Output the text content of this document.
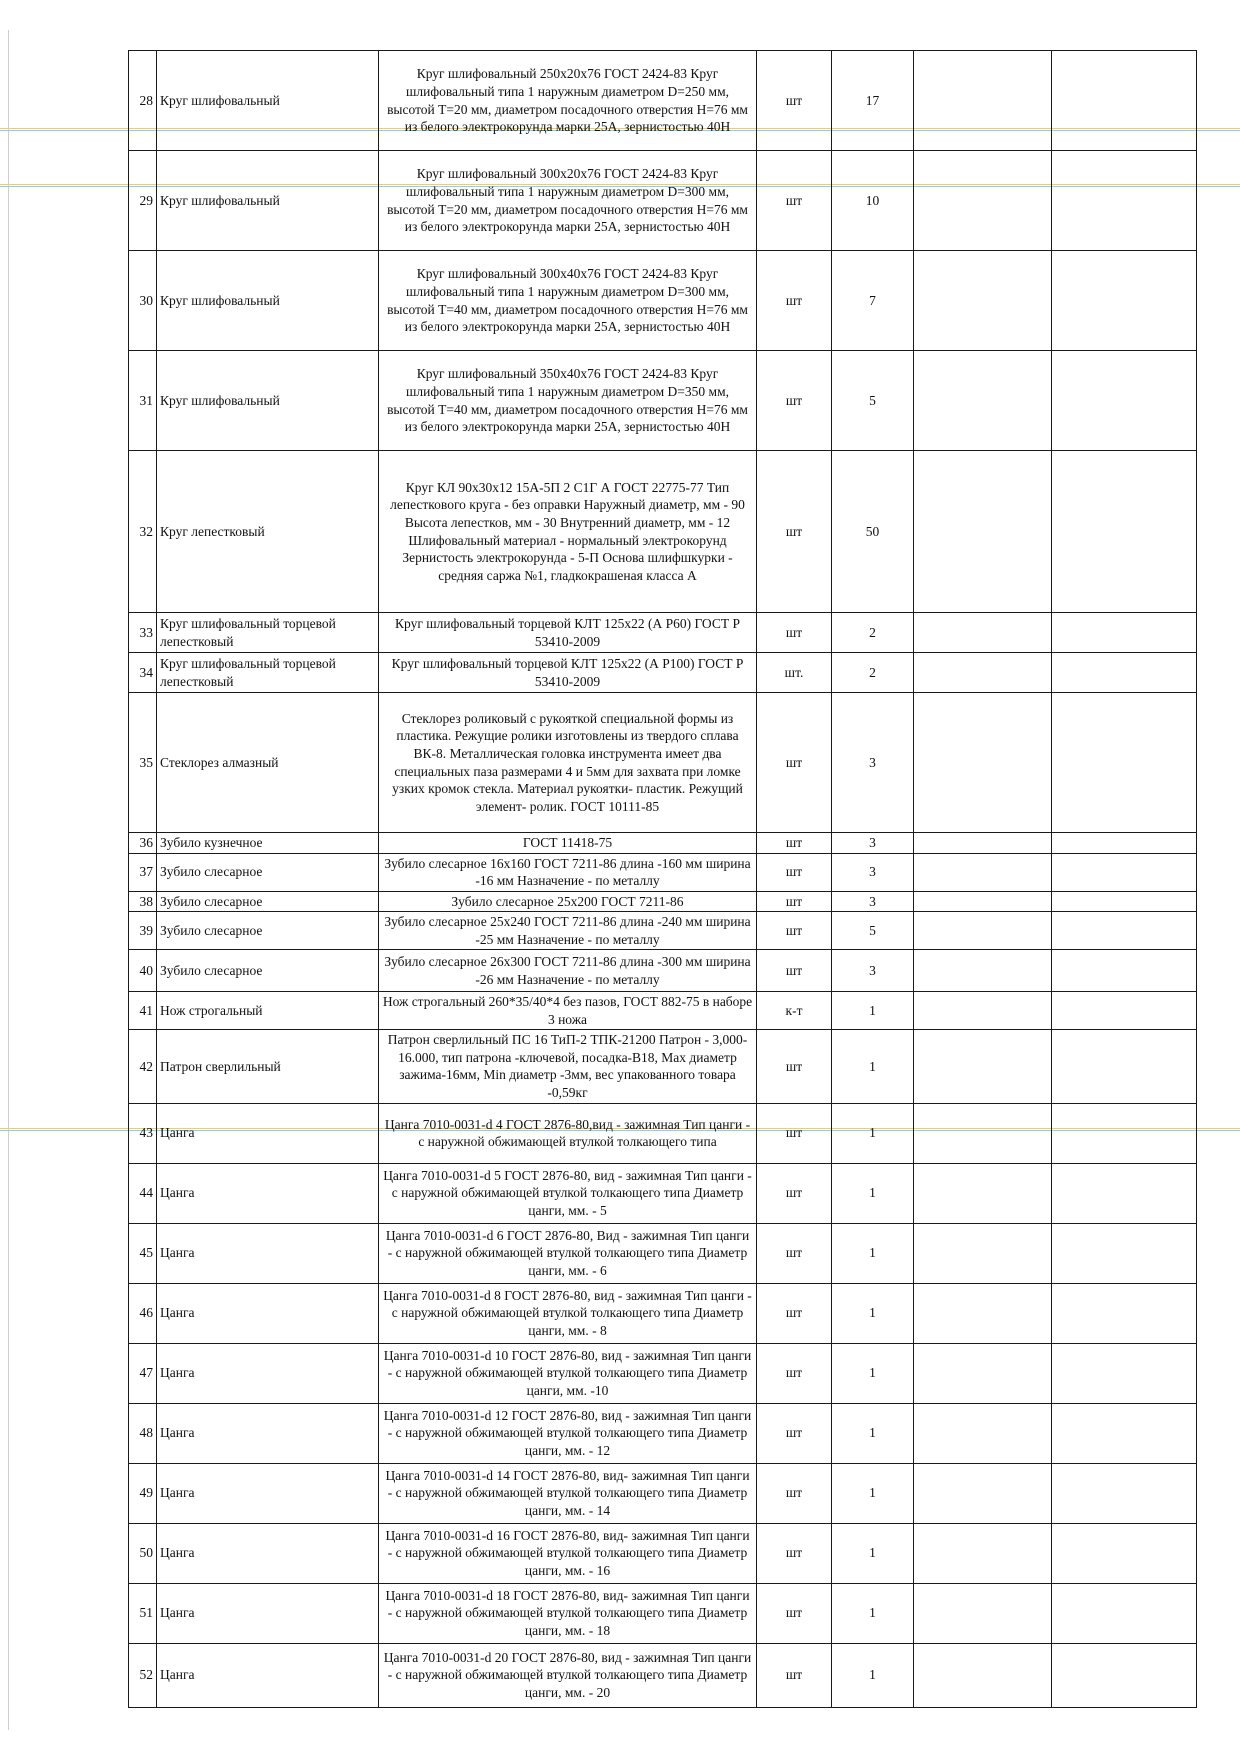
28	Круг шлифовальный	Круг шлифовальный 250х20х76 ГОСТ 2424-83 Круг шлифовальный типа 1 наружным диаметром D=250 мм, высотой Т=20 мм, диаметром посадочного отверстия Н=76 мм из белого электрокорунда марки 25А, зернистостью 40Н	шт	17		
29	Круг шлифовальный	Круг шлифовальный 300х20х76 ГОСТ 2424-83 Круг шлифовальный типа 1 наружным диаметром D=300 мм, высотой Т=20 мм, диаметром посадочного отверстия Н=76 мм из белого электрокорунда марки 25А, зернистостью 40Н	шт	10		
30	Круг шлифовальный	Круг шлифовальный 300х40х76 ГОСТ 2424-83 Круг шлифовальный типа 1 наружным диаметром D=300 мм, высотой Т=40 мм, диаметром посадочного отверстия Н=76 мм из белого электрокорунда марки 25А, зернистостью 40Н	шт	7		
31	Круг шлифовальный	Круг шлифовальный 350х40х76 ГОСТ 2424-83 Круг шлифовальный типа 1 наружным диаметром D=350 мм, высотой Т=40 мм, диаметром посадочного отверстия Н=76 мм из белого электрокорунда марки 25А, зернистостью 40Н	шт	5		
32	Круг лепестковый	Круг КЛ 90х30х12 15А-5П 2 С1Г А ГОСТ 22775-77 Тип лепесткового круга - без оправки Наружный диаметр, мм - 90 Высота лепестков, мм - 30 Внутренний диаметр, мм - 12 Шлифовальный материал - нормальный электрокорунд Зернистость электрокорунда - 5-П Основа шлифшкурки - средняя саржа №1, гладкокрашеная класса А	шт	50		
33	Круг шлифовальный торцевой лепестковый	Круг шлифовальный торцевой КЛТ 125х22 (А Р60) ГОСТ Р 53410-2009	шт	2		
34	Круг шлифовальный торцевой лепестковый	Круг шлифовальный торцевой КЛТ 125х22 (А Р100) ГОСТ Р 53410-2009	шт.	2		
35	Стеклорез алмазный	Стеклорез роликовый с рукояткой специальной формы из пластика. Режущие ролики изготовлены из твердого сплава ВК-8. Металлическая головка инструмента имеет два специальных паза размерами 4 и 5мм для захвата при ломке узких кромок стекла. Материал рукоятки- пластик. Режущий элемент- ролик. ГОСТ 10111-85	шт	3		
36	Зубило кузнечное	ГОСТ 11418-75	шт	3		
37	Зубило слесарное	Зубило слесарное 16х160 ГОСТ 7211-86 длина -160 мм ширина -16 мм Назначение - по металлу	шт	3		
38	Зубило слесарное	Зубило слесарное 25х200 ГОСТ 7211-86	шт	3		
39	Зубило слесарное	Зубило слесарное 25х240 ГОСТ 7211-86 длина -240 мм ширина -25 мм Назначение - по металлу	шт	5		
40	Зубило слесарное	Зубило слесарное 26х300 ГОСТ 7211-86 длина -300 мм ширина -26 мм Назначение - по металлу	шт	3		
41	Нож строгальный	Нож строгальный 260*35/40*4 без пазов, ГОСТ 882-75 в наборе 3 ножа	к-т	1		
42	Патрон сверлильный	Патрон сверлильный ПС 16 ТиП-2 ТПК-21200 Патрон - 3,000-16.000, тип патрона -ключевой, посадка-В18, Max диаметр зажима-16мм, Min диаметр -3мм, вес упакованного товара -0,59кг	шт	1		
43	Цанга	Цанга 7010-0031-d 4 ГОСТ 2876-80,вид - зажимная Тип цанги - с наружной обжимающей втулкой толкающего типа	шт	1		
44	Цанга	Цанга 7010-0031-d 5 ГОСТ 2876-80, вид - зажимная Тип цанги - с наружной обжимающей втулкой толкающего типа Диаметр цанги, мм. - 5	шт	1		
45	Цанга	Цанга 7010-0031-d 6 ГОСТ 2876-80, Вид - зажимная Тип цанги - с наружной обжимающей втулкой толкающего типа Диаметр цанги, мм. - 6	шт	1		
46	Цанга	Цанга 7010-0031-d 8 ГОСТ 2876-80, вид - зажимная Тип цанги - с наружной обжимающей втулкой толкающего типа Диаметр цанги, мм. - 8	шт	1		
47	Цанга	Цанга 7010-0031-d 10 ГОСТ 2876-80, вид - зажимная Тип цанги - с наружной обжимающей втулкой толкающего типа Диаметр цанги, мм. -10	шт	1		
48	Цанга	Цанга 7010-0031-d 12 ГОСТ 2876-80, вид - зажимная Тип цанги - с наружной обжимающей втулкой толкающего типа Диаметр цанги, мм. - 12	шт	1		
49	Цанга	Цанга 7010-0031-d 14 ГОСТ 2876-80, вид- зажимная Тип цанги - с наружной обжимающей втулкой толкающего типа Диаметр цанги, мм. - 14	шт	1		
50	Цанга	Цанга 7010-0031-d 16 ГОСТ 2876-80, вид- зажимная Тип цанги - с наружной обжимающей втулкой толкающего типа Диаметр цанги, мм. - 16	шт	1		
51	Цанга	Цанга 7010-0031-d 18 ГОСТ 2876-80, вид- зажимная Тип цанги - с наружной обжимающей втулкой толкающего типа Диаметр цанги, мм. - 18	шт	1		
52	Цанга	Цанга 7010-0031-d 20 ГОСТ 2876-80, вид - зажимная Тип цанги - с наружной обжимающей втулкой толкающего типа Диаметр цанги, мм. - 20	шт	1		
